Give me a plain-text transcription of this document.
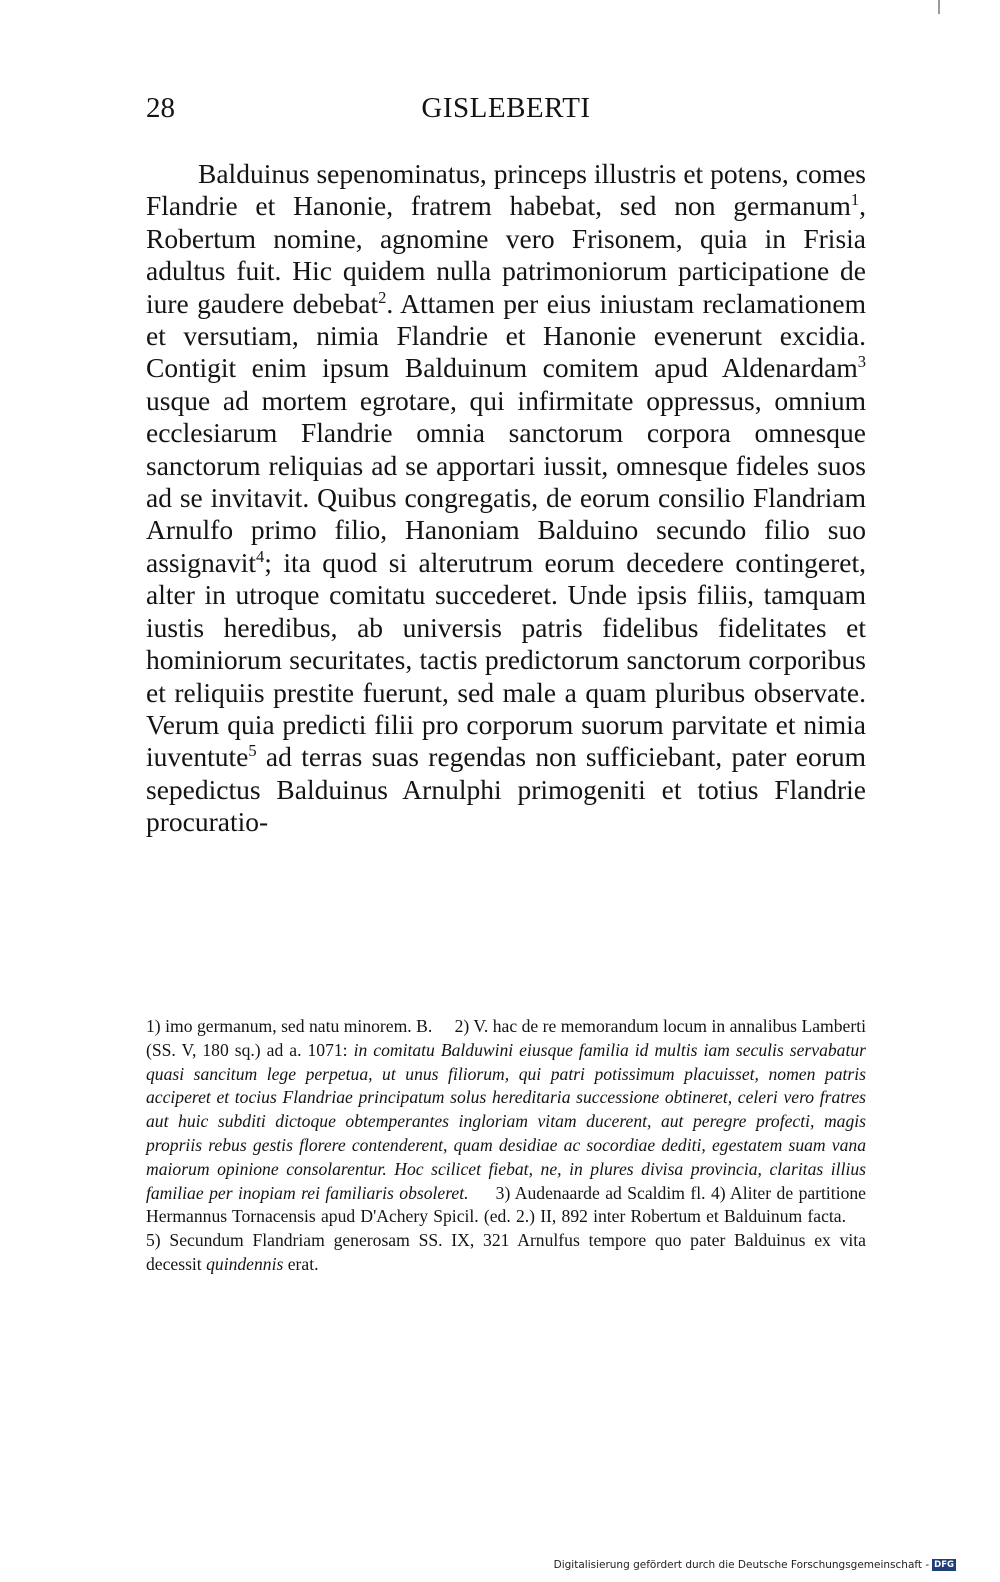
28	GISLEBERTI

Balduinus sepenominatus, princeps illustris et potens, comes Flandrie et Hanonie, fratrem habebat, sed non germanum$^1$, Robertum nomine, agnomine vero Frisonem, quia in Frisia adultus fuit. Hic quidem nulla patrimoniorum participatione de iure gaudere debebat$^2$. Attamen per eius iniustam reclamationem et versutiam, nimia Flandrie et Hanonie evenerunt excidia. Contigit enim ipsum Balduinum comitem apud Aldenardam$^3$ usque ad mortem egrotare, qui infirmitate oppressus, omnium ecclesiarum Flandrie omnia sanctorum corpora omnesque sanctorum reliquias ad se apportari iussit, omnesque fideles suos ad se invitavit. Quibus congregatis, de eorum consilio Flandriam Arnulfo primo filio, Hanoniam Balduino secundo filio suo assignavit$^4$; ita quod si alterutrum eorum decedere contingeret, alter in utroque comitatu succederet. Unde ipsis filiis, tamquam iustis heredibus, ab universis patris fidelibus fidelitates et hominiorum securitates, tactis predictorum sanctorum corporibus et reliquiis prestite fuerunt, sed male a quam pluribus observate. Verum quia predicti filii pro corporum suorum parvitate et nimia iuventute$^5$ ad terras suas regendas non sufficiebant, pater eorum sepedictus Balduinus Arnulphi primogeniti et totius Flandrie procuratio-

1) imo germanum, sed natu minorem. B. 2) V. hac de re memorandum locum in annalibus Lamberti (SS. V, 180 sq.) ad a. 1071: in comitatu Balduwini eiusque familia id multis iam seculis servabatur quasi sancitum lege perpetua, ut unus filiorum, qui patri potissimum placuisset, nomen patris acciperet et tocius Flandriae principatum solus hereditaria successione obtineret, celeri vero fratres aut huic subditi dictoque obtemperantes ingloriam vitam ducerent, aut peregre profecti, magis propriis rebus gestis florere contenderent, quam desidiae ac socordiae dediti, egestatem suam vana maiorum opinione consolarentur. Hoc scilicet fiebat, ne, in plures divisa provincia, claritas illius familiae per inopiam rei familiaris obsoleret. 3) Audenaarde ad Scaldim fl. 4) Aliter de partitione Hermannus Tornacensis apud D'Achery Spicil. (ed. 2.) II, 892 inter Robertum et Balduinum facta.     5) Secundum Flandriam generosam SS. IX, 321 Arnulfus tempore quo pater Balduinus ex vita decessit quindennis erat.

Digitalisierung gefördert durch die Deutsche Forschungsgemeinschaft - DFG
